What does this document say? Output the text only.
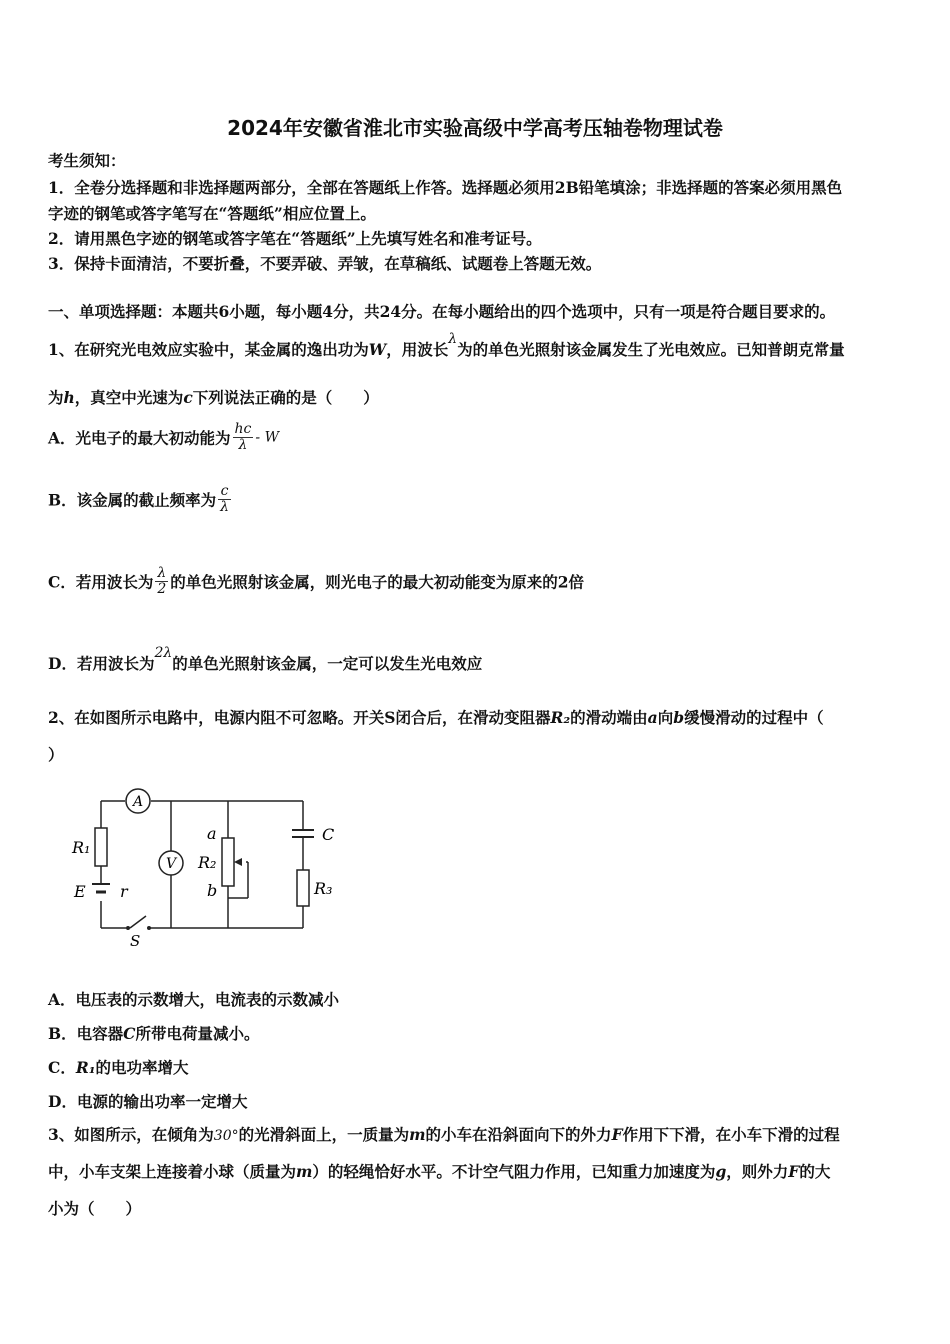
2024年安徽省淮北市实验高级中学高考压轴卷物理试卷
考生须知：
1．全卷分选择题和非选择题两部分，全部在答题纸上作答。选择题必须用2B铅笔填涂；非选择题的答案必须用黑色
字迹的钢笔或答字笔写在“答题纸”相应位置上。
2．请用黑色字迹的钢笔或答字笔在“答题纸”上先填写姓名和准考证号。
3．保持卡面清洁，不要折叠，不要弄破、弄皱，在草稿纸、试题卷上答题无效。
一、单项选择题：本题共6小题，每小题4分，共24分。在每小题给出的四个选项中，只有一项是符合题目要求的。
1、在研究光电效应实验中，某金属的逸出功为W，用波长λ为的单色光照射该金属发生了光电效应。已知普朗克常量
为h，真空中光速为c下列说法正确的是（　　）
A．光电子的最大初动能为 $\frac{hc}{\lambda}$ - W
B．该金属的截止频率为 $\frac{c}{\lambda}$
C．若用波长为 $\frac{\lambda}{2}$ 的单色光照射该金属，则光电子的最大初动能变为原来的2倍
D．若用波长为2λ的单色光照射该金属，一定可以发生光电效应
2、在如图所示电路中，电源内阻不可忽略。开关S闭合后，在滑动变阻器R₂的滑动端由a向b缓慢滑动的过程中（
）
A
V
R₁
E r
S
a
R₂
b
C
R₃
A．电压表的示数增大，电流表的示数减小
B．电容器C所带电荷量减小。
C．R₁的电功率增大
D．电源的输出功率一定增大
3、如图所示，在倾角为30°的光滑斜面上，一质量为m的小车在沿斜面向下的外力F作用下下滑，在小车下滑的过程
中，小车支架上连接着小球（质量为m）的轻绳恰好水平。不计空气阻力作用，已知重力加速度为g，则外力F的大
小为（　　）
